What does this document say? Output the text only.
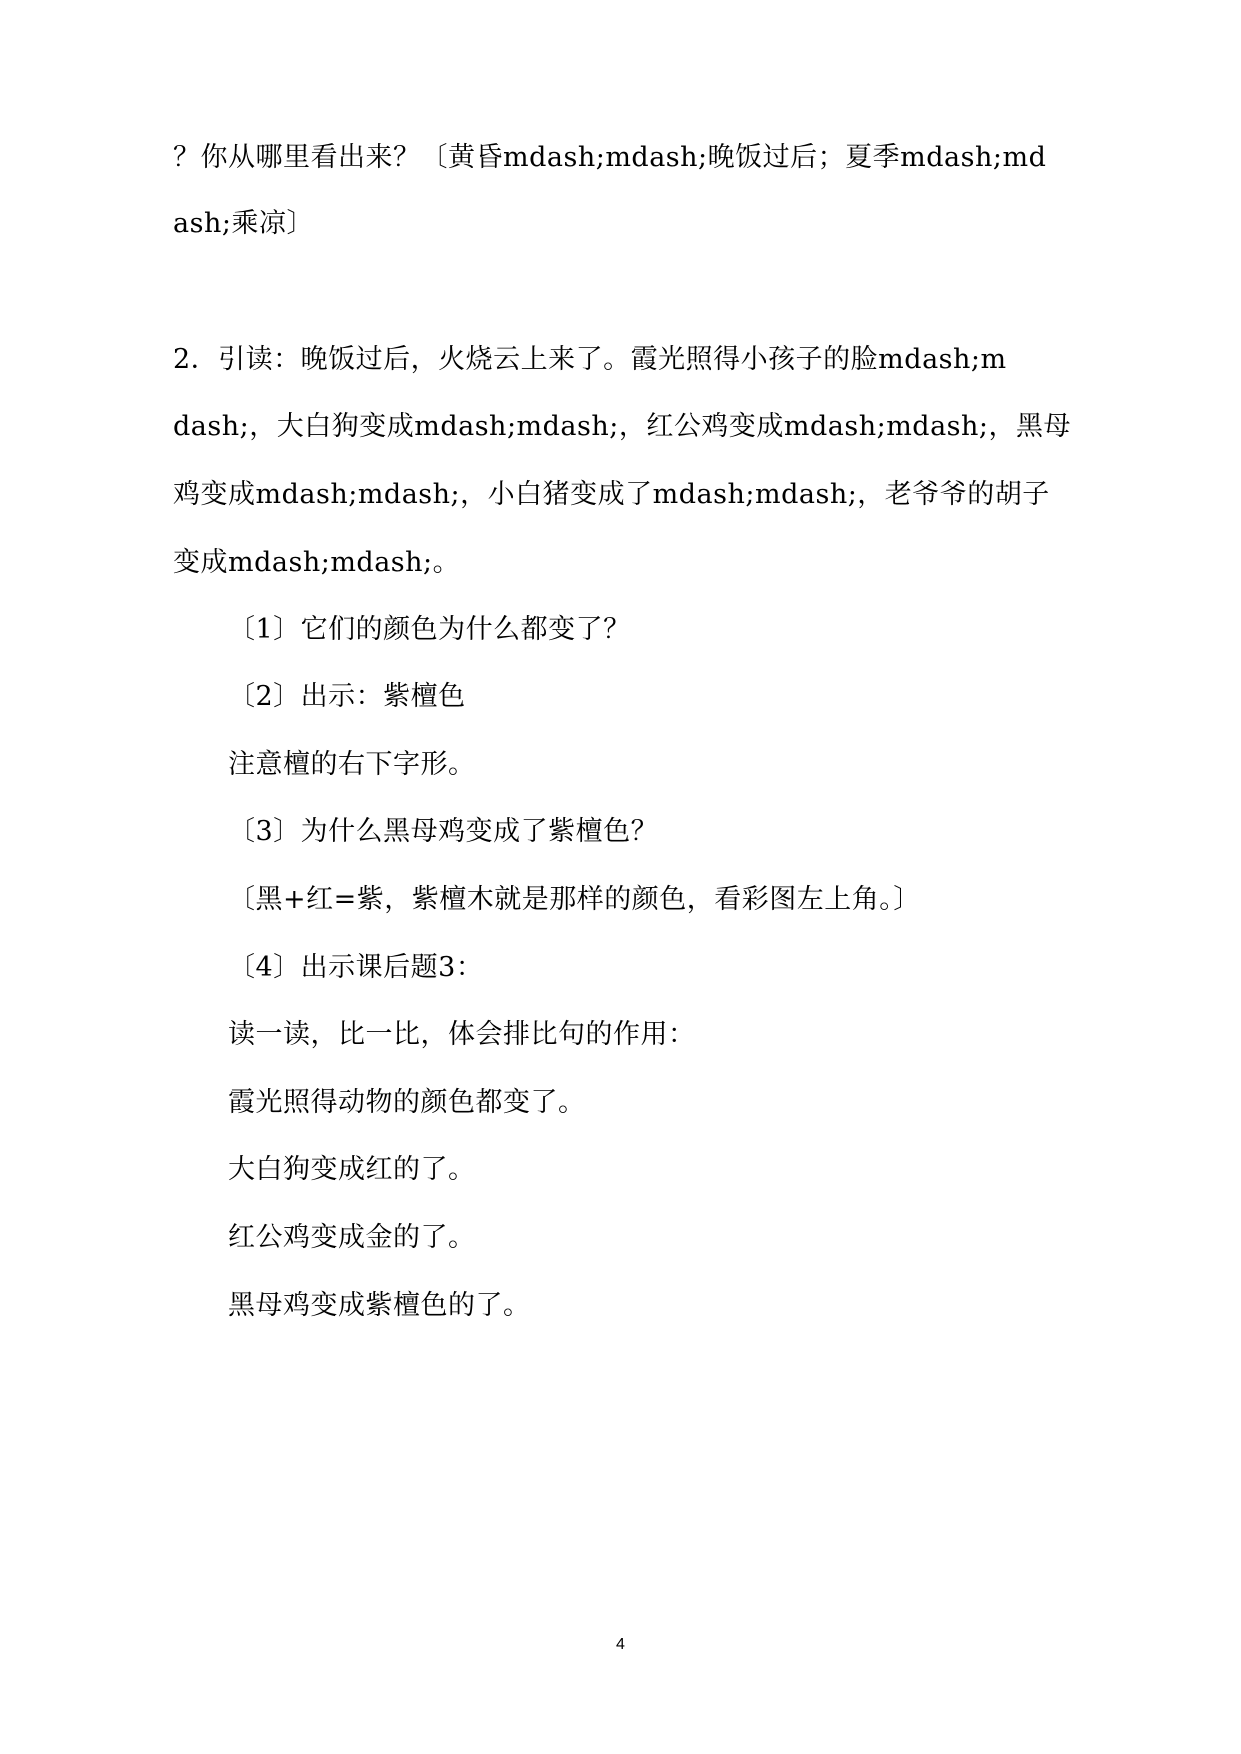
？你从哪里看出来？〔黄昏mdash;mdash;晚饭过后；夏季mdash;md
ash;乘凉〕
2．引读：晚饭过后，火烧云上来了。霞光照得小孩子的脸mdash;m
dash;，大白狗变成mdash;mdash;，红公鸡变成mdash;mdash;，黑母
鸡变成mdash;mdash;，小白猪变成了mdash;mdash;，老爷爷的胡子
变成mdash;mdash;。
〔1〕它们的颜色为什么都变了？
〔2〕出示：紫檀色
注意檀的右下字形。
〔3〕为什么黑母鸡变成了紫檀色？
〔黑+红=紫，紫檀木就是那样的颜色，看彩图左上角。〕
〔4〕出示课后题3：
读一读，比一比，体会排比句的作用：
霞光照得动物的颜色都变了。
大白狗变成红的了。
红公鸡变成金的了。
黑母鸡变成紫檀色的了。
4
